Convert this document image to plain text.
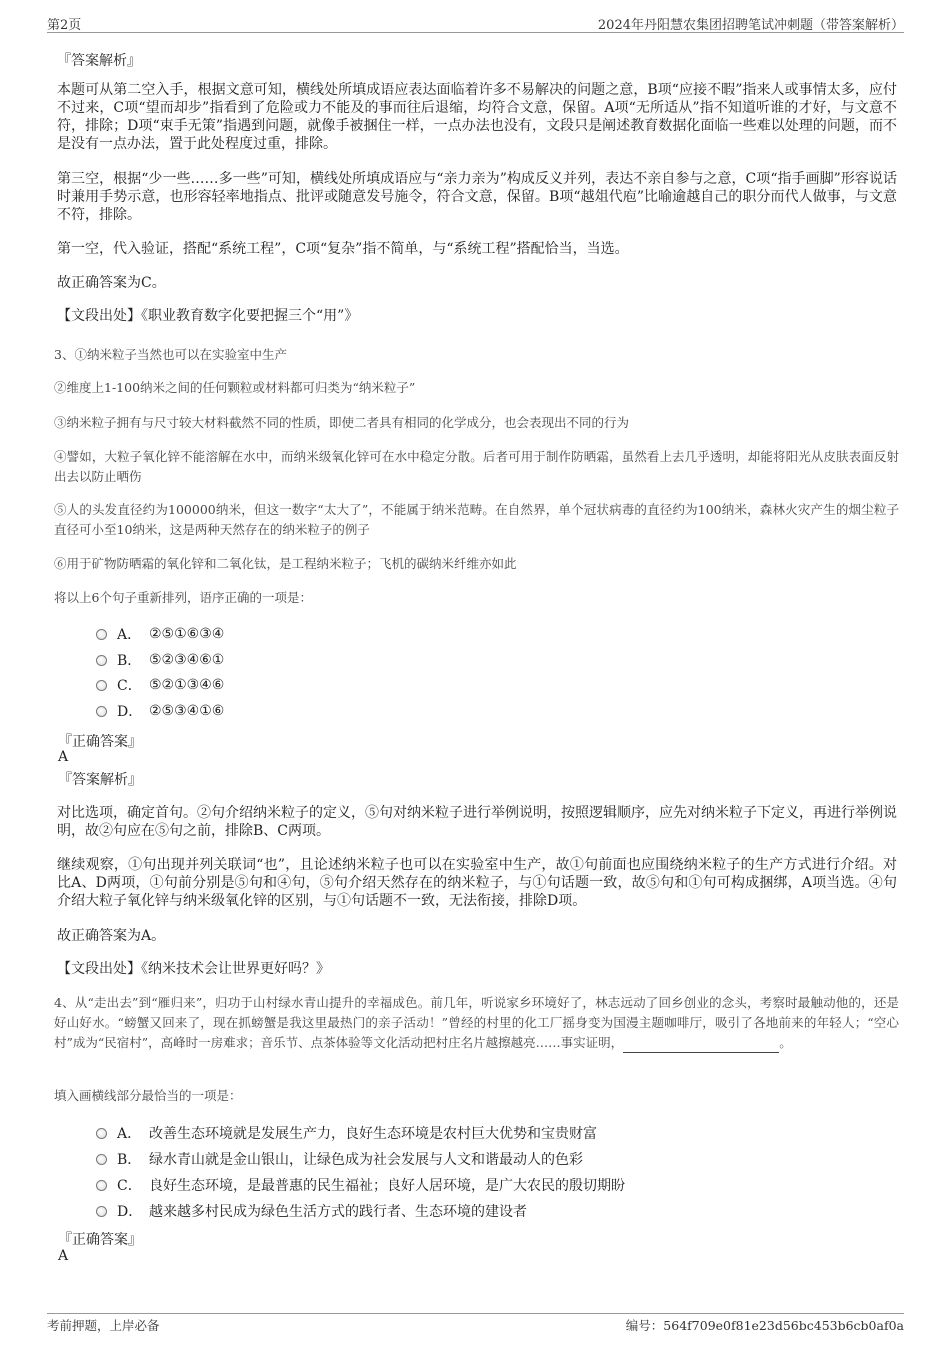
第2页	2024年丹阳慧农集团招聘笔试冲刺题（带答案解析）
『答案解析』
本题可从第二空入手，根据文意可知，横线处所填成语应表达面临着许多不易解决的问题之意，B项“应接不暇”指来人或事情太多，应付不过来，C项“望而却步”指看到了危险或力不能及的事而往后退缩，均符合文意，保留。A项“无所适从”指不知道听谁的才好，与文意不符，排除；D项“束手无策”指遇到问题，就像手被捆住一样，一点办法也没有，文段只是阐述教育数据化面临一些难以处理的问题，而不是没有一点办法，置于此处程度过重，排除。
第三空，根据“少一些……多一些”可知，横线处所填成语应与“亲力亲为”构成反义并列，表达不亲自参与之意，C项“指手画脚”形容说话时兼用手势示意，也形容轻率地指点、批评或随意发号施令，符合文意，保留。B项“越俎代庖”比喻逾越自己的职分而代人做事，与文意不符，排除。
第一空，代入验证，搭配“系统工程”，C项“复杂”指不简单，与“系统工程”搭配恰当，当选。
故正确答案为C。
【文段出处】《职业教育数字化要把握三个“用”》
3、①纳米粒子当然也可以在实验室中生产
②维度上1-100纳米之间的任何颗粒或材料都可归类为“纳米粒子”
③纳米粒子拥有与尺寸较大材料截然不同的性质，即使二者具有相同的化学成分，也会表现出不同的行为
④譬如，大粒子氧化锌不能溶解在水中，而纳米级氧化锌可在水中稳定分散。后者可用于制作防晒霜，虽然看上去几乎透明，却能将阳光从皮肤表面反射出去以防止晒伤
⑤人的头发直径约为100000纳米，但这一数字“太大了”，不能属于纳米范畴。在自然界，单个冠状病毒的直径约为100纳米，森林火灾产生的烟尘粒子直径可小至10纳米，这是两种天然存在的纳米粒子的例子
⑥用于矿物防晒霜的氧化锌和二氧化钛，是工程纳米粒子；飞机的碳纳米纤维亦如此
将以上6个句子重新排列，语序正确的一项是：
A． ②⑤①⑥③④
B． ⑤②③④⑥①
C． ⑤②①③④⑥
D． ②⑤③④①⑥
『正确答案』
A
『答案解析』
对比选项，确定首句。②句介绍纳米粒子的定义，⑤句对纳米粒子进行举例说明，按照逻辑顺序，应先对纳米粒子下定义，再进行举例说明，故②句应在⑤句之前，排除B、C两项。
继续观察，①句出现并列关联词“也”，且论述纳米粒子也可以在实验室中生产，故①句前面也应围绕纳米粒子的生产方式进行介绍。对比A、D两项，①句前分别是⑤句和④句，⑤句介绍天然存在的纳米粒子，与①句话题一致，故⑤句和①句可构成捆绑，A项当选。④句介绍大粒子氧化锌与纳米级氧化锌的区别，与①句话题不一致，无法衔接，排除D项。
故正确答案为A。
【文段出处】《纳米技术会让世界更好吗？》
4、从“走出去”到“雁归来”，归功于山村绿水青山提升的幸福成色。前几年，听说家乡环境好了，林志远动了回乡创业的念头，考察时最触动他的，还是好山好水。“螃蟹又回来了，现在抓螃蟹是我这里最热门的亲子活动！”曾经的村里的化工厂摇身变为国漫主题咖啡厅，吸引了各地前来的年轻人；“空心村”成为“民宿村”，高峰时一房难求；音乐节、点茶体验等文化活动把村庄名片越擦越亮……事实证明，	。
填入画横线部分最恰当的一项是：
A． 改善生态环境就是发展生产力，良好生态环境是农村巨大优势和宝贵财富
B． 绿水青山就是金山银山，让绿色成为社会发展与人文和谐最动人的色彩
C． 良好生态环境，是最普惠的民生福祉；良好人居环境，是广大农民的殷切期盼
D． 越来越多村民成为绿色生活方式的践行者、生态环境的建设者
『正确答案』
A
考前押题，上岸必备	编号：564f709e0f81e23d56bc453b6cb0af0a
